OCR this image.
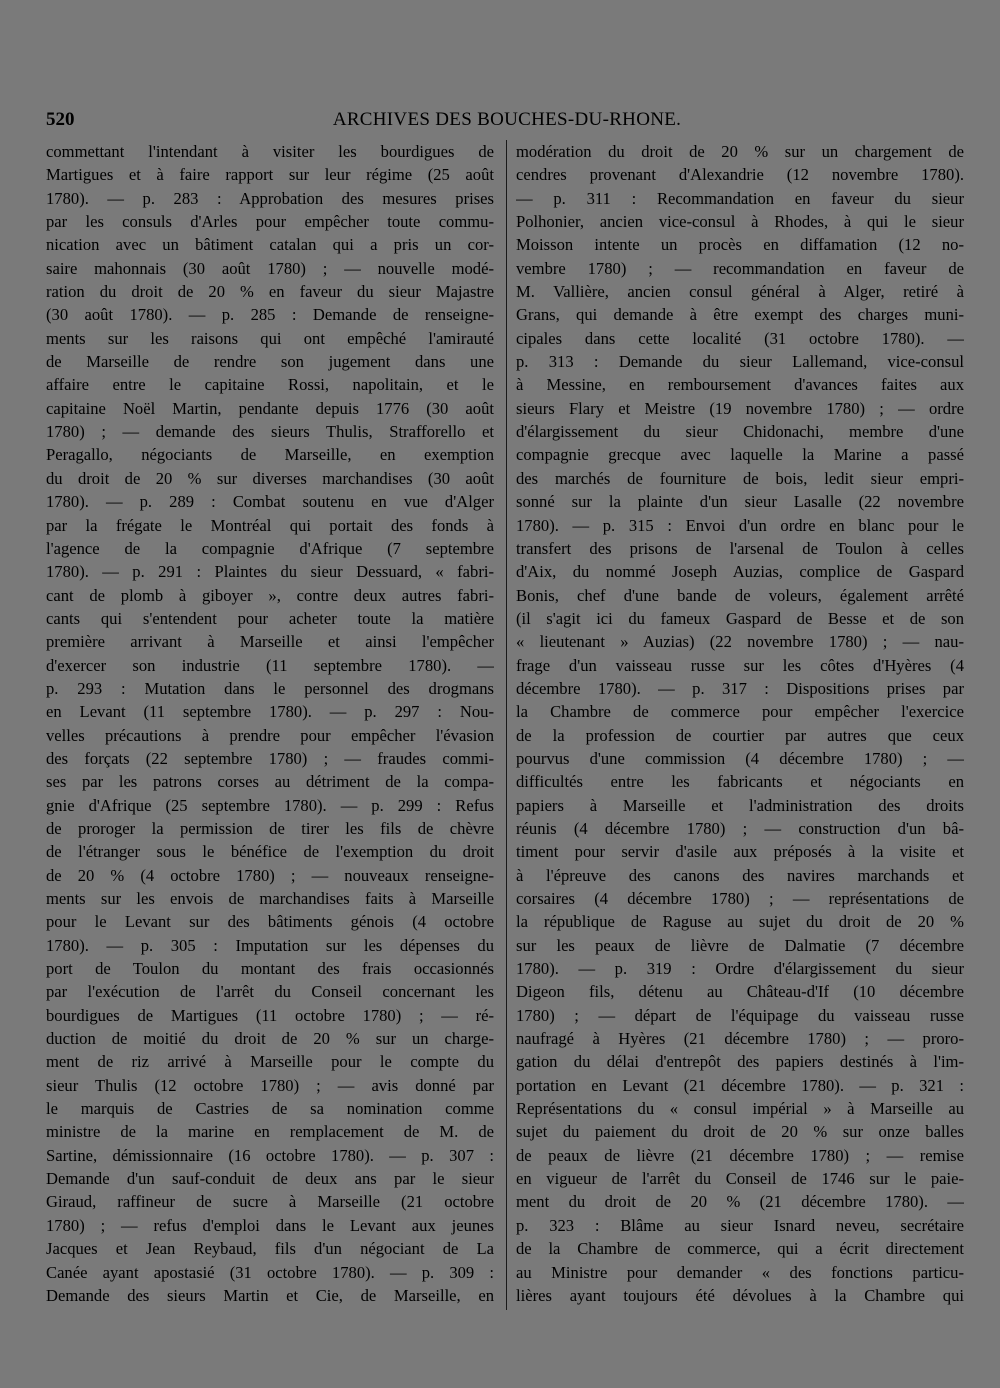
520	ARCHIVES DES BOUCHES-DU-RHONE.
commettant l'intendant à visiter les bourdigues de
Martigues et à faire rapport sur leur régime (25 août
1780). — p. 283 : Approbation des mesures prises
par les consuls d'Arles pour empêcher toute commu-
nication avec un bâtiment catalan qui a pris un cor-
saire mahonnais (30 août 1780) ; — nouvelle modé-
ration du droit de 20 % en faveur du sieur Majastre
(30 août 1780). — p. 285 : Demande de renseigne-
ments sur les raisons qui ont empêché l'amirauté
de Marseille de rendre son jugement dans une
affaire entre le capitaine Rossi, napolitain, et le
capitaine Noël Martin, pendante depuis 1776 (30 août
1780) ; — demande des sieurs Thulis, Strafforello et
Peragallo, négociants de Marseille, en exemption
du droit de 20 % sur diverses marchandises (30 août
1780). — p. 289 : Combat soutenu en vue d'Alger
par la frégate le Montréal qui portait des fonds à
l'agence de la compagnie d'Afrique (7 septembre
1780). — p. 291 : Plaintes du sieur Dessuard, « fabri-
cant de plomb à giboyer », contre deux autres fabri-
cants qui s'entendent pour acheter toute la matière
première arrivant à Marseille et ainsi l'empêcher
d'exercer son industrie (11 septembre 1780). —
p. 293 : Mutation dans le personnel des drogmans
en Levant (11 septembre 1780). — p. 297 : Nou-
velles précautions à prendre pour empêcher l'évasion
des forçats (22 septembre 1780) ; — fraudes commi-
ses par les patrons corses au détriment de la compa-
gnie d'Afrique (25 septembre 1780). — p. 299 : Refus
de proroger la permission de tirer les fils de chèvre
de l'étranger sous le bénéfice de l'exemption du droit
de 20 % (4 octobre 1780) ; — nouveaux renseigne-
ments sur les envois de marchandises faits à Marseille
pour le Levant sur des bâtiments génois (4 octobre
1780). — p. 305 : Imputation sur les dépenses du
port de Toulon du montant des frais occasionnés
par l'exécution de l'arrêt du Conseil concernant les
bourdigues de Martigues (11 octobre 1780) ; — ré-
duction de moitié du droit de 20 % sur un charge-
ment de riz arrivé à Marseille pour le compte du
sieur Thulis (12 octobre 1780) ; — avis donné par
le marquis de Castries de sa nomination comme
ministre de la marine en remplacement de M. de
Sartine, démissionnaire (16 octobre 1780). — p. 307 :
Demande d'un sauf-conduit de deux ans par le sieur
Giraud, raffineur de sucre à Marseille (21 octobre
1780) ; — refus d'emploi dans le Levant aux jeunes
Jacques et Jean Reybaud, fils d'un négociant de La
Canée ayant apostasié (31 octobre 1780). — p. 309 :
Demande des sieurs Martin et Cie, de Marseille, en
modération du droit de 20 % sur un chargement de
cendres provenant d'Alexandrie (12 novembre 1780).
— p. 311 : Recommandation en faveur du sieur
Polhonier, ancien vice-consul à Rhodes, à qui le sieur
Moisson intente un procès en diffamation (12 no-
vembre 1780) ; — recommandation en faveur de
M. Vallière, ancien consul général à Alger, retiré à
Grans, qui demande à être exempt des charges muni-
cipales dans cette localité (31 octobre 1780). —
p. 313 : Demande du sieur Lallemand, vice-consul
à Messine, en remboursement d'avances faites aux
sieurs Flary et Meistre (19 novembre 1780) ; — ordre
d'élargissement du sieur Chidonachi, membre d'une
compagnie grecque avec laquelle la Marine a passé
des marchés de fourniture de bois, ledit sieur empri-
sonné sur la plainte d'un sieur Lasalle (22 novembre
1780). — p. 315 : Envoi d'un ordre en blanc pour le
transfert des prisons de l'arsenal de Toulon à celles
d'Aix, du nommé Joseph Auzias, complice de Gaspard
Bonis, chef d'une bande de voleurs, également arrêté
(il s'agit ici du fameux Gaspard de Besse et de son
« lieutenant » Auzias) (22 novembre 1780) ; — nau-
frage d'un vaisseau russe sur les côtes d'Hyères (4
décembre 1780). — p. 317 : Dispositions prises par
la Chambre de commerce pour empêcher l'exercice
de la profession de courtier par autres que ceux
pourvus d'une commission (4 décembre 1780) ; —
difficultés entre les fabricants et négociants en
papiers à Marseille et l'administration des droits
réunis (4 décembre 1780) ; — construction d'un bâ-
timent pour servir d'asile aux préposés à la visite et
à l'épreuve des canons des navires marchands et
corsaires (4 décembre 1780) ; — représentations de
la république de Raguse au sujet du droit de 20 %
sur les peaux de lièvre de Dalmatie (7 décembre
1780). — p. 319 : Ordre d'élargissement du sieur
Digeon fils, détenu au Château-d'If (10 décembre
1780) ; — départ de l'équipage du vaisseau russe
naufragé à Hyères (21 décembre 1780) ; — proro-
gation du délai d'entrepôt des papiers destinés à l'im-
portation en Levant (21 décembre 1780). — p. 321 :
Représentations du « consul impérial » à Marseille au
sujet du paiement du droit de 20 % sur onze balles
de peaux de lièvre (21 décembre 1780) ; — remise
en vigueur de l'arrêt du Conseil de 1746 sur le paie-
ment du droit de 20 % (21 décembre 1780). —
p. 323 : Blâme au sieur Isnard neveu, secrétaire
de la Chambre de commerce, qui a écrit directement
au Ministre pour demander « des fonctions particu-
lières ayant toujours été dévolues à la Chambre qui
